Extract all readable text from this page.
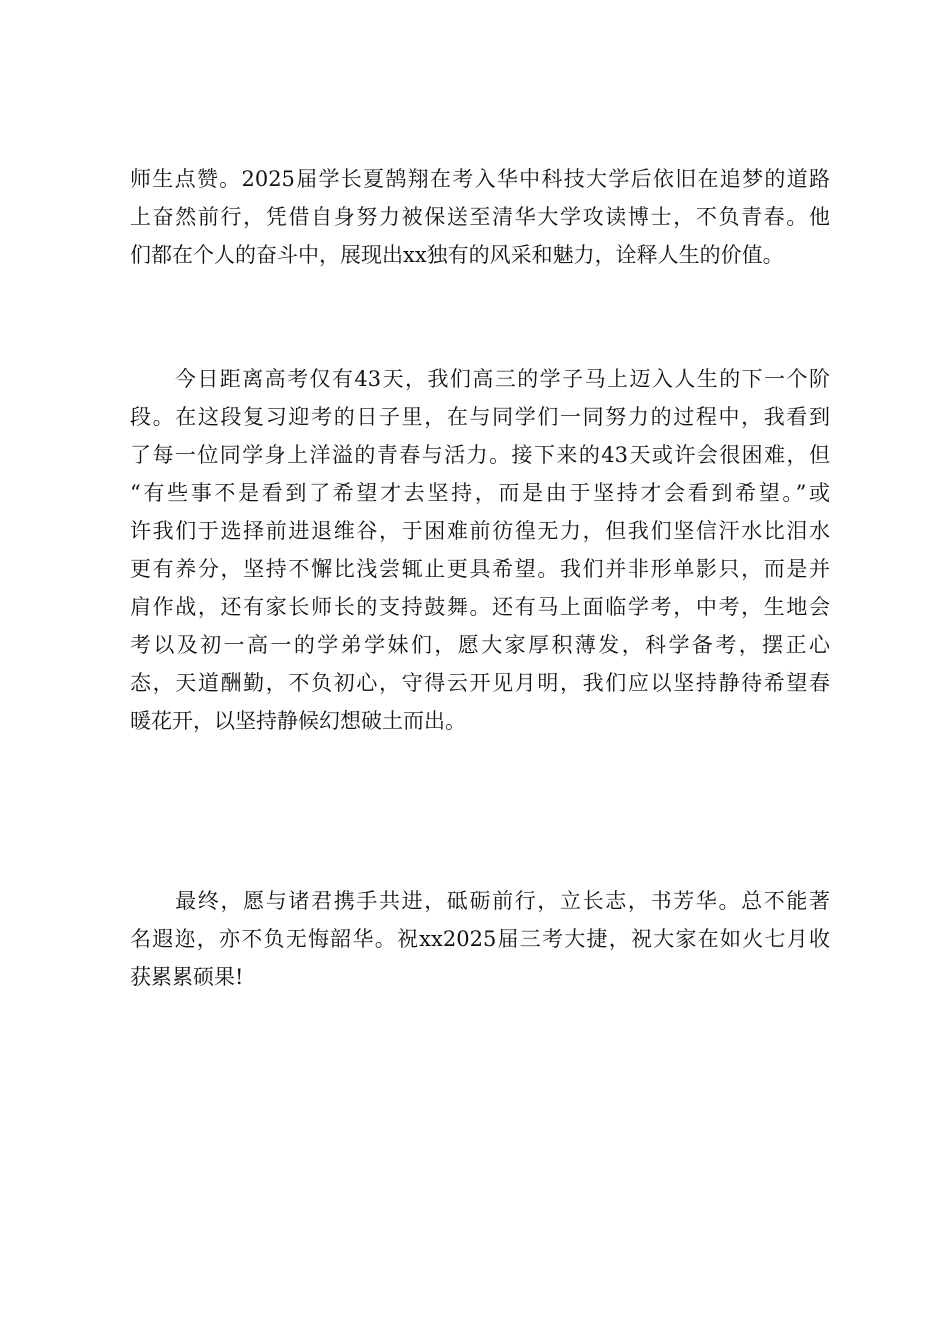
师生点赞。2025届学长夏鹄翔在考入华中科技大学后依旧在追梦的道路
上奋然前行，凭借自身努力被保送至清华大学攻读博士，不负青春。他
们都在个人的奋斗中，展现出xx独有的风采和魅力，诠释人生的价值。
　　今日距离高考仅有43天，我们高三的学子马上迈入人生的下一个阶
段。在这段复习迎考的日子里，在与同学们一同努力的过程中，我看到
了每一位同学身上洋溢的青春与活力。接下来的43天或许会很困难，但
“有些事不是看到了希望才去坚持，而是由于坚持才会看到希望。”或
许我们于选择前进退维谷，于困难前彷徨无力，但我们坚信汗水比泪水
更有养分，坚持不懈比浅尝辄止更具希望。我们并非形单影只，而是并
肩作战，还有家长师长的支持鼓舞。还有马上面临学考，中考，生地会
考以及初一高一的学弟学妹们，愿大家厚积薄发，科学备考，摆正心
态，天道酬勤，不负初心，守得云开见月明，我们应以坚持静待希望春
暖花开，以坚持静候幻想破土而出。
　　最终，愿与诸君携手共进，砥砺前行，立长志，书芳华。总不能著
名遐迩，亦不负无悔韶华。祝xx2025届三考大捷，祝大家在如火七月收
获累累硕果!
